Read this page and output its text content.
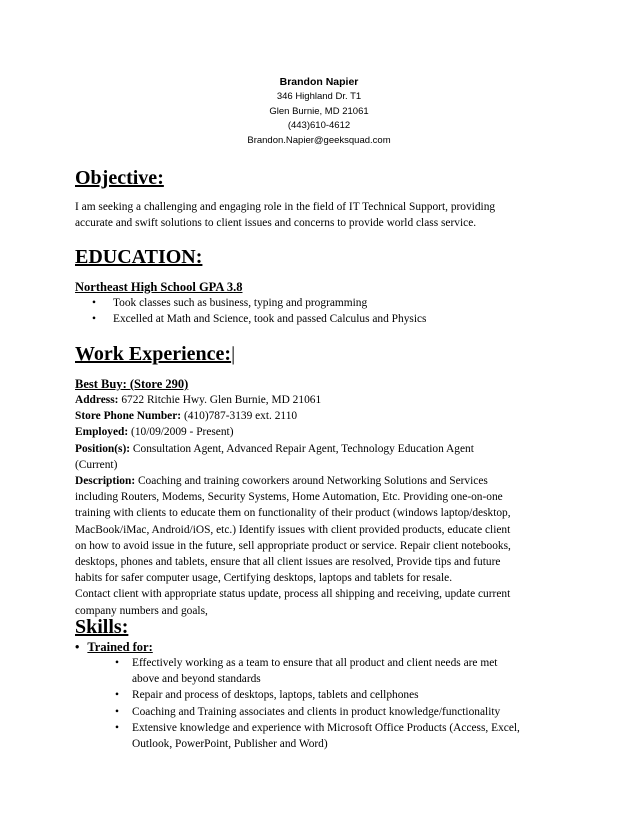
Brandon Napier
346 Highland Dr. T1
Glen Burnie, MD 21061
(443)610-4612
Brandon.Napier@geeksquad.com
Objective:
I am seeking a challenging and engaging role in the field of IT Technical Support, providing
accurate and swift solutions to client issues and concerns to provide world class service.
EDUCATION:
Northeast High School GPA 3.8
• Took classes such as business, typing and programming
• Excelled at Math and Science, took and passed Calculus and Physics
Work Experience:|
Best Buy: (Store 290)
Address: 6722 Ritchie Hwy. Glen Burnie, MD 21061
Store Phone Number: (410)787-3139 ext. 2110
Employed: (10/09/2009 - Present)
Position(s): Consultation Agent, Advanced Repair Agent, Technology Education Agent
(Current)
Description: Coaching and training coworkers around Networking Solutions and Services
including Routers, Modems, Security Systems, Home Automation, Etc. Providing one-on-one
training with clients to educate them on functionality of their product (windows laptop/desktop,
MacBook/iMac, Android/iOS, etc.) Identify issues with client provided products, educate client
on how to avoid issue in the future, sell appropriate product or service. Repair client notebooks,
desktops, phones and tablets, ensure that all client issues are resolved, Provide tips and future
habits for safer computer usage, Certifying desktops, laptops and tablets for resale.
Contact client with appropriate status update, process all shipping and receiving, update current
company numbers and goals,
Skills:
• Trained for:
• Effectively working as a team to ensure that all product and client needs are met
above and beyond standards
• Repair and process of desktops, laptops, tablets and cellphones
• Coaching and Training associates and clients in product knowledge/functionality
• Extensive knowledge and experience with Microsoft Office Products (Access, Excel,
Outlook, PowerPoint, Publisher and Word)
